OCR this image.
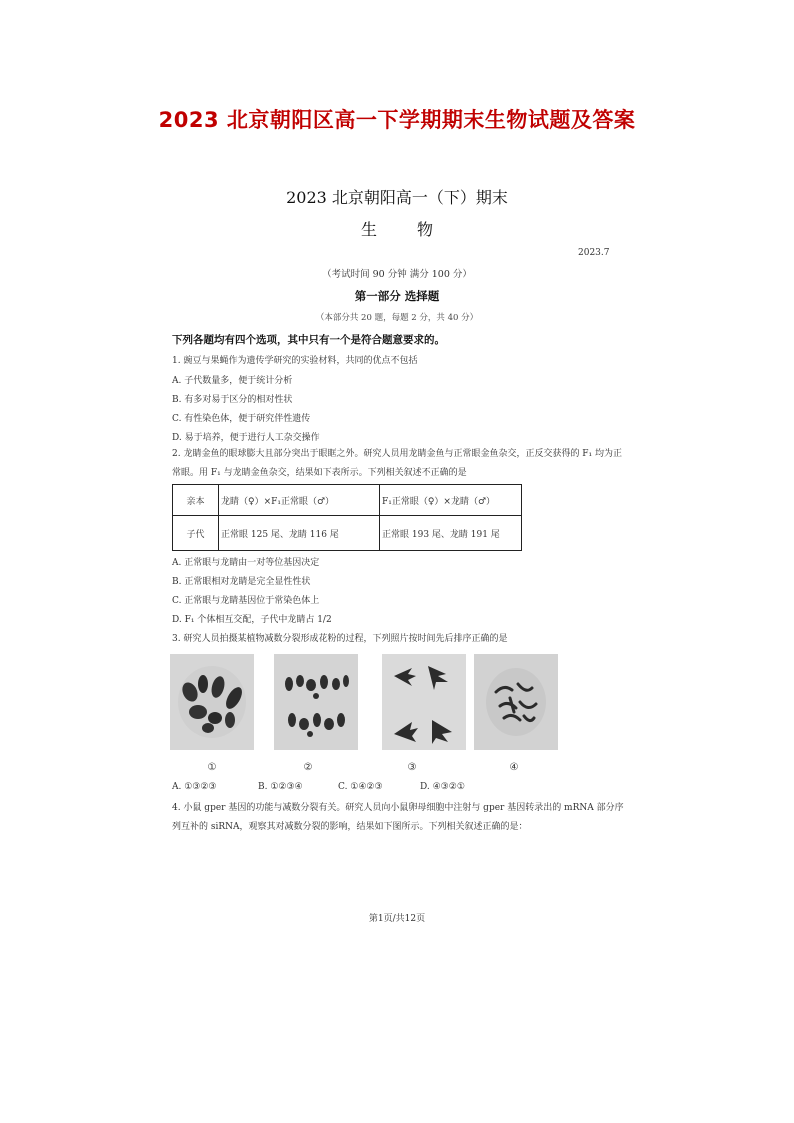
2023 北京朝阳区高一下学期期末生物试题及答案
2023 北京朝阳高一（下）期末
生物
2023.7
（考试时间 90 分钟 满分 100 分）
第一部分 选择题
（本部分共 20 题，每题 2 分，共 40 分）
下列各题均有四个选项，其中只有一个是符合题意要求的。
1. 豌豆与果蝇作为遗传学研究的实验材料，共同的优点不包括
A. 子代数量多，便于统计分析
B. 有多对易于区分的相对性状
C. 有性染色体，便于研究伴性遗传
D. 易于培养，便于进行人工杂交操作
2. 龙睛金鱼的眼球膨大且部分突出于眼眶之外。研究人员用龙睛金鱼与正常眼金鱼杂交，正反交获得的 F₁ 均为正常眼。用 F₁ 与龙睛金鱼杂交，结果如下表所示。下列相关叙述不正确的是
亲本	龙睛（♀）×F₁正常眼（♂）	F₁正常眼（♀）×龙睛（♂）
子代	正常眼 125 尾、龙睛 116 尾	正常眼 193 尾、龙睛 191 尾
A. 正常眼与龙睛由一对等位基因决定
B. 正常眼相对龙睛是完全显性性状
C. 正常眼与龙睛基因位于常染色体上
D. F₁ 个体相互交配，子代中龙睛占 1/2
3. 研究人员拍摄某植物减数分裂形成花粉的过程，下列照片按时间先后排序正确的是
①	②	③	④
A. ①③②③	B. ①②③④	C. ①④②③	D. ④③②①
4. 小鼠 gper 基因的功能与减数分裂有关。研究人员向小鼠卵母细胞中注射与 gper 基因转录出的 mRNA 部分序列互补的 siRNA，观察其对减数分裂的影响，结果如下图所示。下列相关叙述正确的是：
第1页/共12页
